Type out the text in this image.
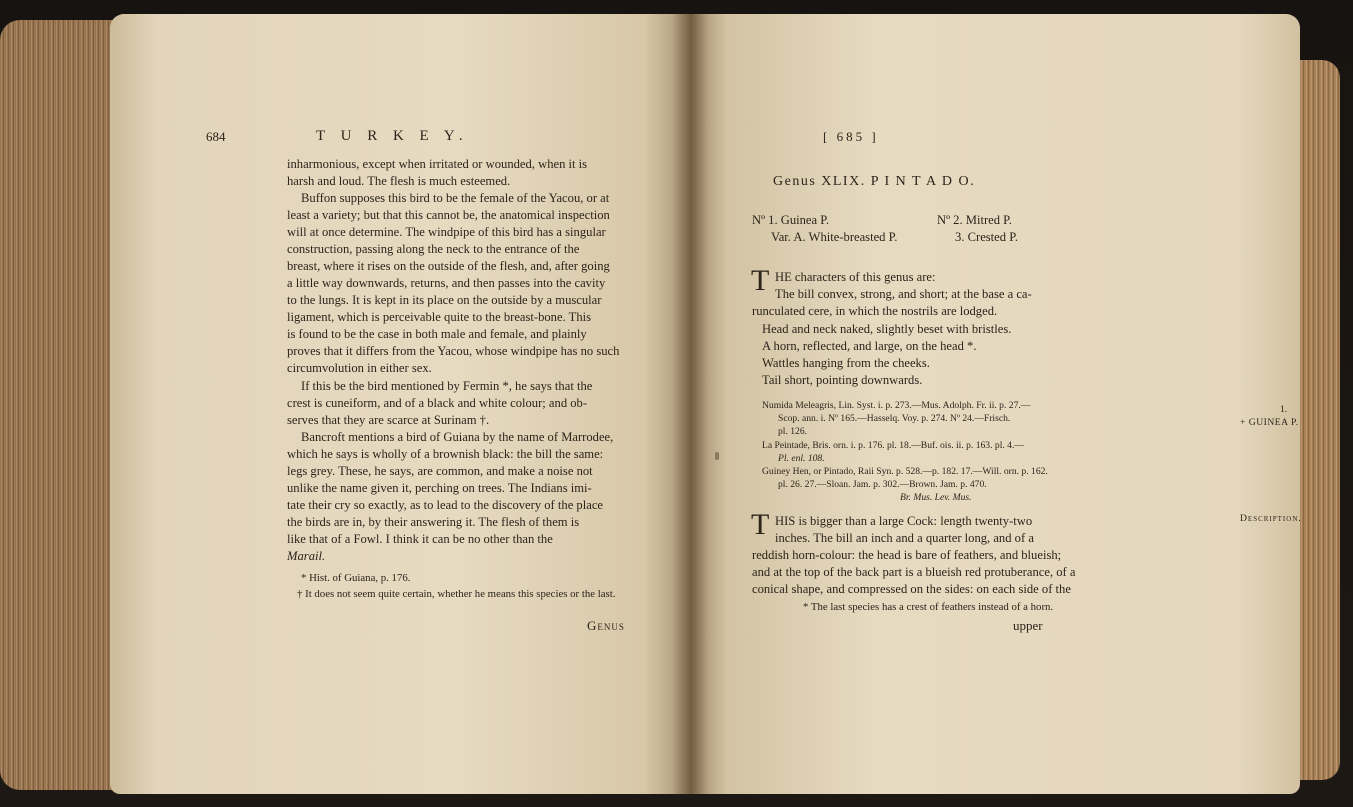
684	T U R K E Y.
inharmonious, except when irritated or wounded, when it is
harsh and loud. The flesh is much esteemed.
Buffon supposes this bird to be the female of the Yacou, or at
least a variety; but that this cannot be, the anatomical inspection
will at once determine. The windpipe of this bird has a singular
construction, passing along the neck to the entrance of the
breast, where it rises on the outside of the flesh, and, after going
a little way downwards, returns, and then passes into the cavity
to the lungs. It is kept in its place on the outside by a muscular
ligament, which is perceivable quite to the breast-bone. This
is found to be the case in both male and female, and plainly
proves that it differs from the Yacou, whose windpipe has no such
circumvolution in either sex.
If this be the bird mentioned by Fermin *, he says that the
crest is cuneiform, and of a black and white colour; and ob-
serves that they are scarce at Surinam †.
Bancroft mentions a bird of Guiana by the name of Marrodee,
which he says is wholly of a brownish black: the bill the same:
legs grey. These, he says, are common, and make a noise not
unlike the name given it, perching on trees. The Indians imi-
tate their cry so exactly, as to lead to the discovery of the place
the birds are in, by their answering it. The flesh of them is
like that of a Fowl. I think it can be no other than the
Marail.
* Hist. of Guiana, p. 176.
† It does not seem quite certain, whether he means this species or the last.
Genus
[ 685 ]
Genus XLIX. P I N T A D O.
Nº 1. Guinea P.
Var. A. White-breasted P.
Nº 2. Mitred P.
3. Crested P.
T HE characters of this genus are:
The bill convex, strong, and short; at the base a ca-
runculated cere, in which the nostrils are lodged.
Head and neck naked, slightly beset with bristles.
A horn, reflected, and large, on the head *.
Wattles hanging from the cheeks.
Tail short, pointing downwards.
Numida Meleagris, Lin. Syst. i. p. 273.—Mus. Adolph. Fr. ii. p. 27.—
Scop. ann. i. Nº 165.—Hasselq. Voy. p. 274. Nº 24.—Frisch.
pl. 126.
La Peintade, Bris. orn. i. p. 176. pl. 18.—Buf. ois. ii. p. 163. pl. 4.—
Pl. enl. 108.
Guiney Hen, or Pintado, Raii Syn. p. 528.—p. 182. 17.—Will. orn. p. 162.
pl. 26. 27.—Sloan. Jam. p. 302.—Brown. Jam. p. 470.
Br. Mus. Lev. Mus.
1.
+ GUINEA P.
Description.
T HIS is bigger than a large Cock: length twenty-two
inches. The bill an inch and a quarter long, and of a
reddish horn-colour: the head is bare of feathers, and blueish;
and at the top of the back part is a blueish red protuberance, of a
conical shape, and compressed on the sides: on each side of the
* The last species has a crest of feathers instead of a horn.
upper
